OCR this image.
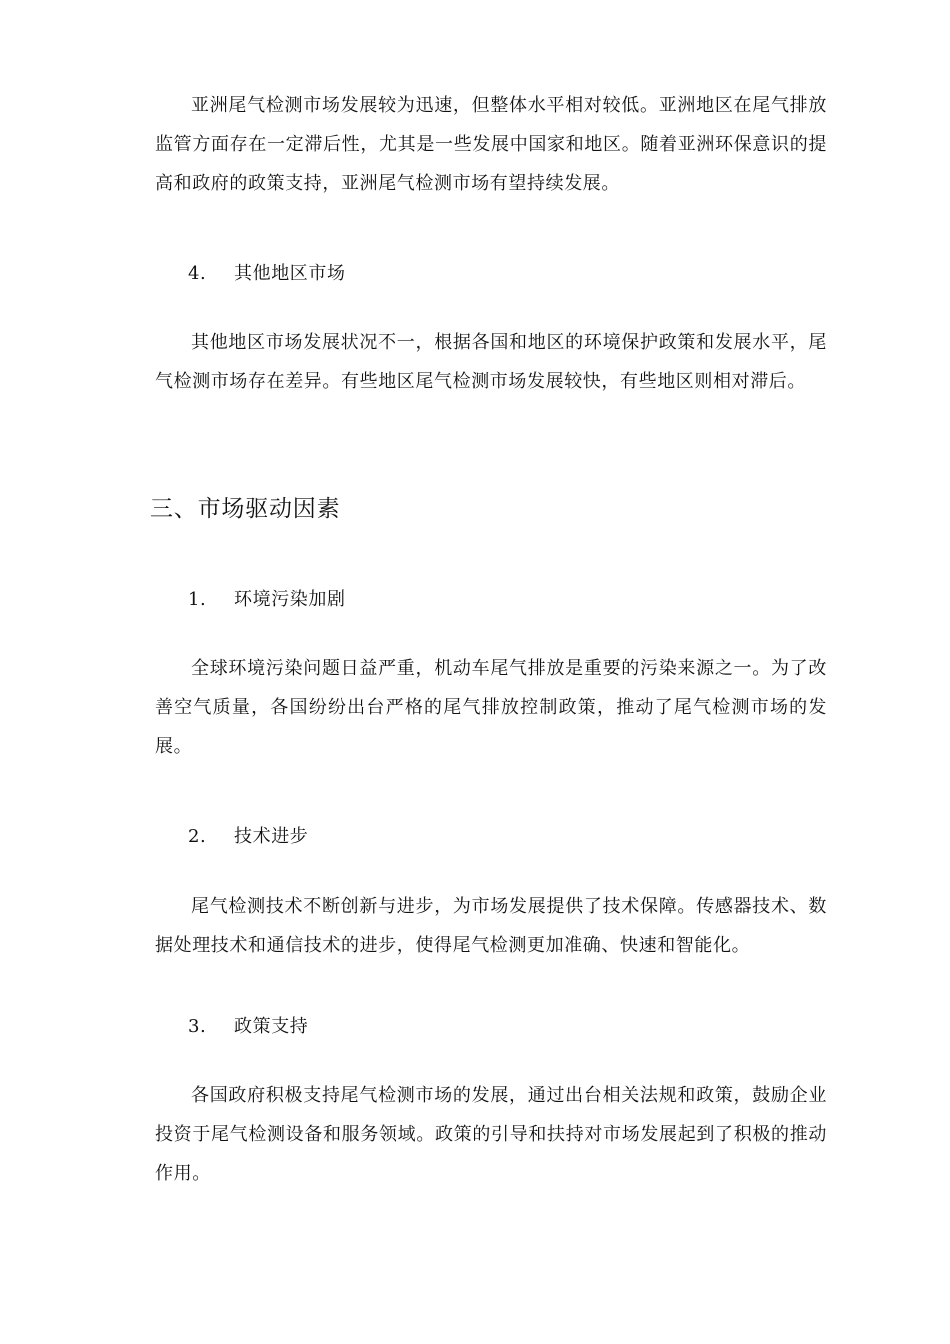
亚洲尾气检测市场发展较为迅速，但整体水平相对较低。亚洲地区在尾气排放监管方面存在一定滞后性，尤其是一些发展中国家和地区。随着亚洲环保意识的提高和政府的政策支持，亚洲尾气检测市场有望持续发展。

4. 其他地区市场

其他地区市场发展状况不一，根据各国和地区的环境保护政策和发展水平，尾气检测市场存在差异。有些地区尾气检测市场发展较快，有些地区则相对滞后。

三、市场驱动因素
1. 环境污染加剧

全球环境污染问题日益严重，机动车尾气排放是重要的污染来源之一。为了改善空气质量，各国纷纷出台严格的尾气排放控制政策，推动了尾气检测市场的发展。

2. 技术进步

尾气检测技术不断创新与进步，为市场发展提供了技术保障。传感器技术、数据处理技术和通信技术的进步，使得尾气检测更加准确、快速和智能化。

3. 政策支持

各国政府积极支持尾气检测市场的发展，通过出台相关法规和政策，鼓励企业投资于尾气检测设备和服务领域。政策的引导和扶持对市场发展起到了积极的推动作用。
